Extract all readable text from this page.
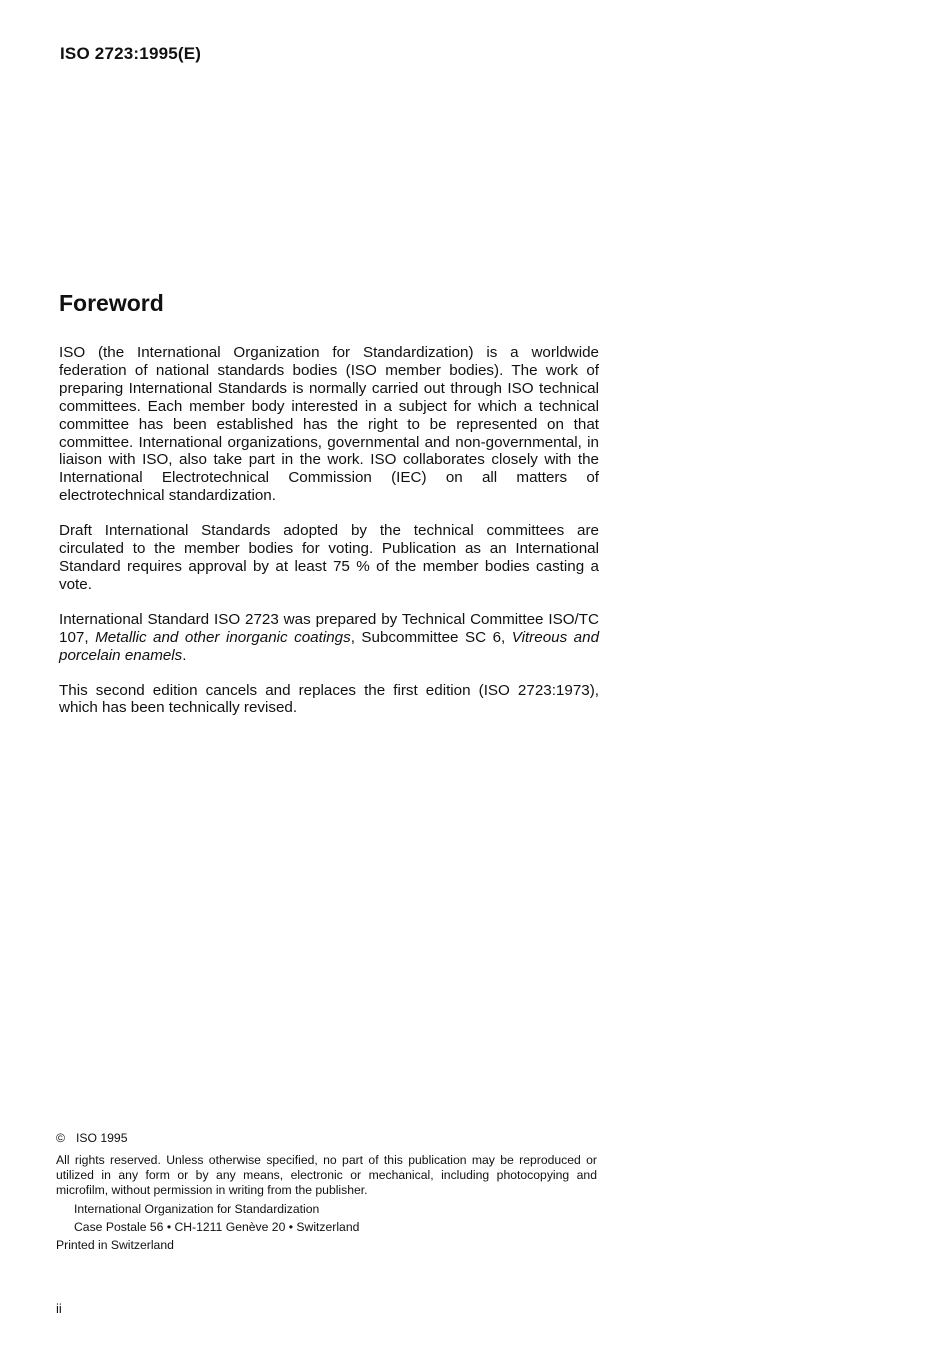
ISO 2723:1995(E)
Foreword

ISO (the International Organization for Standardization) is a worldwide federation of national standards bodies (ISO member bodies). The work of preparing International Standards is normally carried out through ISO technical committees. Each member body interested in a subject for which a technical committee has been established has the right to be represented on that committee. International organizations, governmental and non-governmental, in liaison with ISO, also take part in the work. ISO collaborates closely with the International Electrotechnical Commission (IEC) on all matters of electrotechnical standardization.

Draft International Standards adopted by the technical committees are circulated to the member bodies for voting. Publication as an International Standard requires approval by at least 75 % of the member bodies casting a vote.

International Standard ISO 2723 was prepared by Technical Committee ISO/TC 107, Metallic and other inorganic coatings, Subcommittee SC 6, Vitreous and porcelain enamels.

This second edition cancels and replaces the first edition (ISO 2723:1973), which has been technically revised.

© ISO 1995

All rights reserved. Unless otherwise specified, no part of this publication may be reproduced or utilized in any form or by any means, electronic or mechanical, including photocopying and microfilm, without permission in writing from the publisher.

International Organization for Standardization
Case Postale 56 • CH-1211 Genève 20 • Switzerland

Printed in Switzerland

ii
